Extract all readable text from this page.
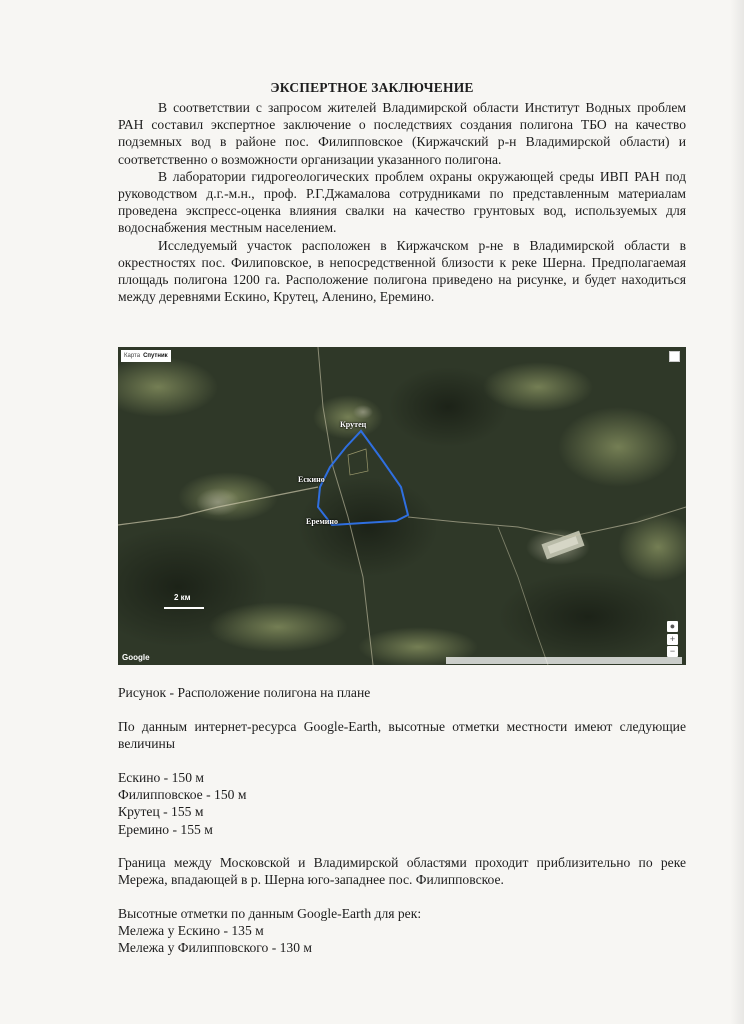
ЭКСПЕРТНОЕ ЗАКЛЮЧЕНИЕ

В соответствии с запросом жителей Владимирской области Институт Водных проблем РАН составил экспертное заключение о последствиях создания полигона ТБО на качество подземных вод в районе пос. Филипповское (Киржачский р-н Владимирской области) и соответственно о возможности организации указанного полигона.

В лаборатории гидрогеологических проблем охраны окружающей среды ИВП РАН под руководством д.г.-м.н., проф. Р.Г.Джамалова сотрудниками по представленным материалам проведена экспресс-оценка влияния свалки на качество грунтовых вод, используемых для водоснабжения местным населением.

Исследуемый участок расположен в Киржачском р-не в Владимирской области в окрестностях пос. Филиповское, в непосредственной близости к реке Шерна. Предполагаемая площадь полигона 1200 га. Расположение полигона приведено на рисунке, и будет находиться между деревнями Ескино, Крутец, Аленино, Еремино.

Карта Спутник
Крутец
Ескино
Еремино
2 км
●
+
−
Google

Рисунок - Расположение полигона на плане

По данным интернет-ресурса Google-Earth, высотные отметки местности имеют следующие величины

Ескино - 150 м
Филипповское - 150 м
Крутец - 155 м
Еремино - 155 м

Граница между Московской и Владимирской областями проходит приблизительно по реке Мережа, впадающей в р. Шерна юго-западнее пос. Филипповское.

Высотные отметки по данным Google-Earth для рек:
Мележа у Ескино - 135 м
Мележа у Филипповского - 130 м
